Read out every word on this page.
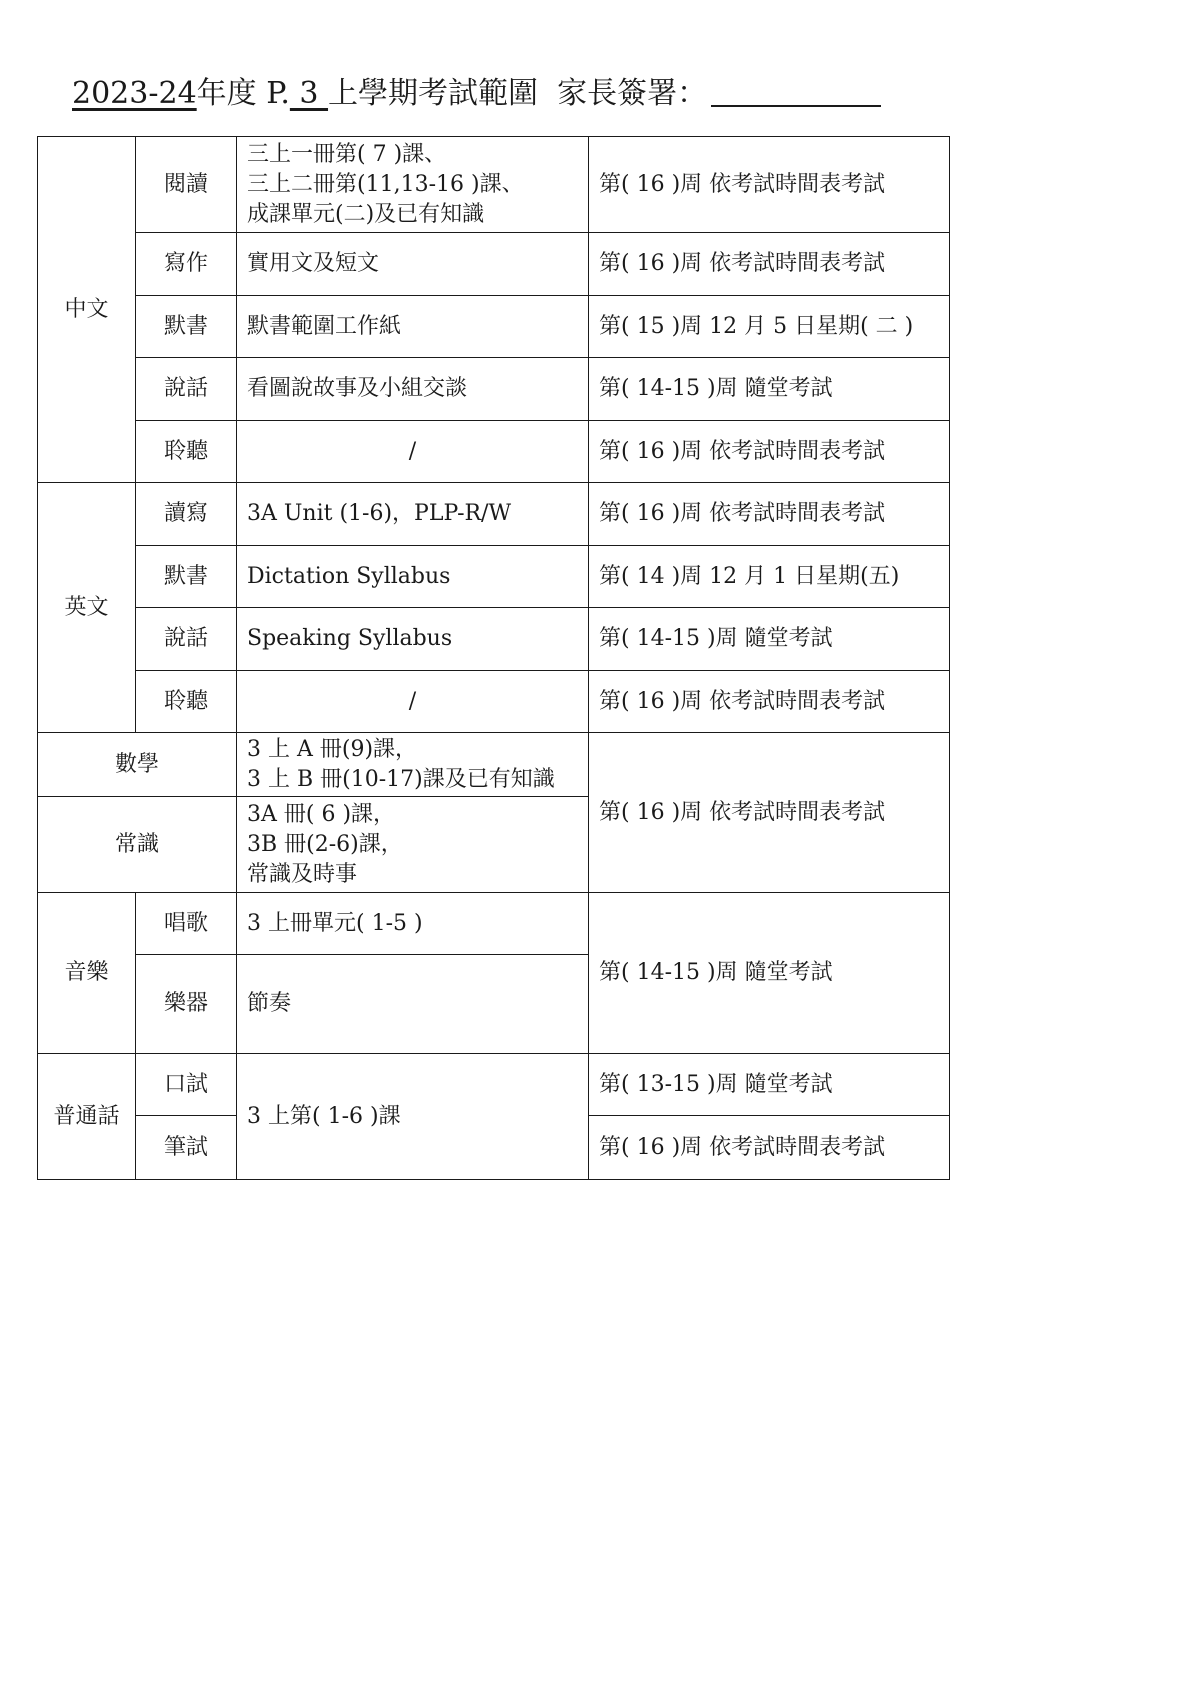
2023-24年度 P. 3 上學期考試範圍 家長簽署：
中文	閱讀	三上一冊第( 7 )課、
三上二冊第(11,13-16 )課、
成課單元(二)及已有知識	第( 16 )周 依考試時間表考試
	寫作	實用文及短文	第( 16 )周 依考試時間表考試
	默書	默書範圍工作紙	第( 15 )周 12 月 5 日星期( 二 )
	說話	看圖說故事及小組交談	第( 14-15 )周 隨堂考試
	聆聽	/	第( 16 )周 依考試時間表考試
英文	讀寫	3A Unit (1-6)，PLP-R/W	第( 16 )周 依考試時間表考試
	默書	Dictation Syllabus	第( 14 )周 12 月 1 日星期(五)
	說話	Speaking Syllabus	第( 14-15 )周 隨堂考試
	聆聽	/	第( 16 )周 依考試時間表考試
數學		3 上 A 冊(9)課，
3 上 B 冊(10-17)課及已有知識	第( 16 )周 依考試時間表考試
常識		3A 冊( 6 )課，
3B 冊(2-6)課，
常識及時事	

音樂	唱歌	3 上冊單元( 1-5 )	第( 14-15 )周 隨堂考試
	樂器	節奏	
普通話	口試	3 上第( 1-6 )課	第( 13-15 )周 隨堂考試
	筆試		第( 16 )周 依考試時間表考試
